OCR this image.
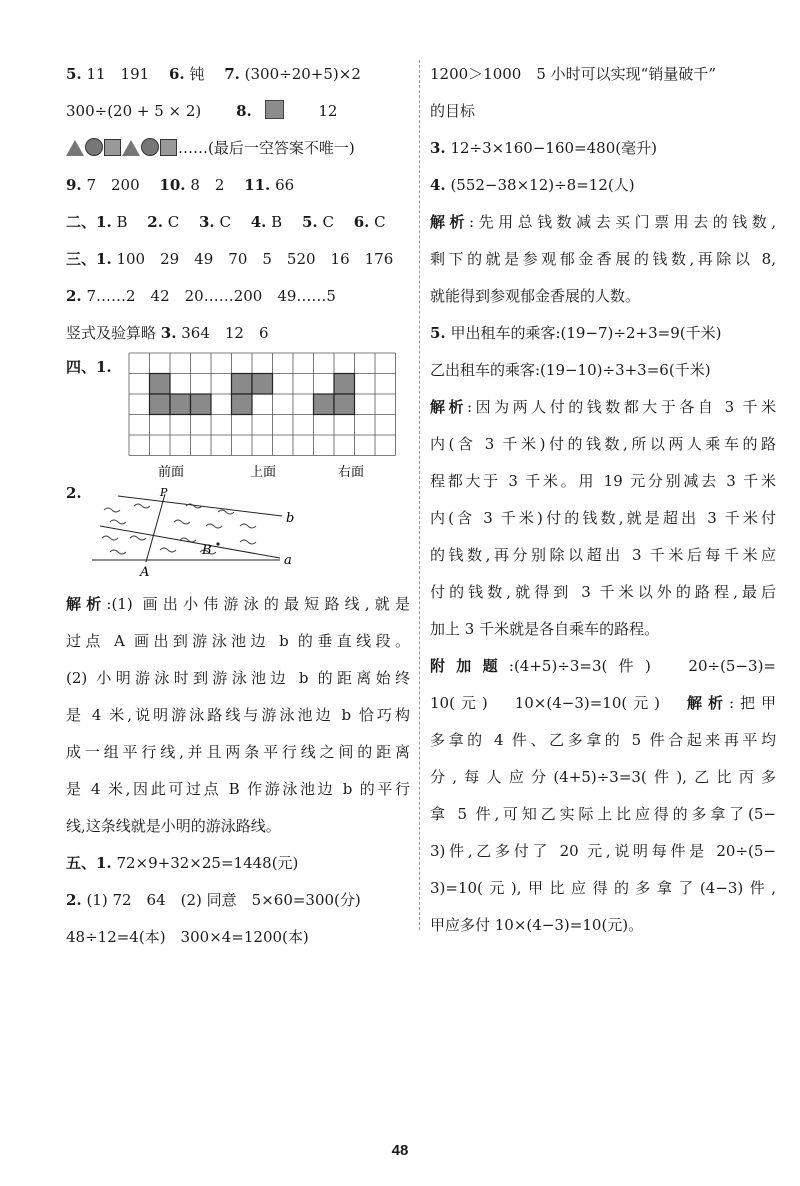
5. 11　191　 6. 钝　 7. (300÷20+5)×2
300÷(20 + 5 × 2)　　 8. 　　	12
……(最后一空答案不唯一)
9. 7　200　 10. 8　2　 11. 66
二、1. B　 2. C　 3. C　 4. B　 5. C　 6. C
三、1. 100　29　49　70　5　520　16　176
2. 7……2　42　20……200　49……5
竖式及验算略 3. 364　12　6
四、1.
前面	上面	右面
2.	P
B
A
b
a
解析:(1) 画出小伟游泳的最短路线,就是
过点 A 画出到游泳池边 b 的垂直线段。
(2) 小明游泳时到游泳池边 b 的距离始终
是 4 米,说明游泳路线与游泳池边 b 恰巧构
成一组平行线,并且两条平行线之间的距离
是 4 米,因此可过点 B 作游泳池边 b 的平行
线,这条线就是小明的游泳路线。
五、1. 72×9+32×25=1448(元)
2. (1) 72　64　(2) 同意　5×60=300(分)
48÷12=4(本)　300×4=1200(本)
1200＞1000　5 小时可以实现“销量破千”
的目标
3. 12÷3×160−160=480(毫升)
4. (552−38×12)÷8=12(人)
解析:先用总钱数减去买门票用去的钱数,
剩下的就是参观郁金香展的钱数,再除以 8,
就能得到参观郁金香展的人数。
5. 甲出租车的乘客:(19−7)÷2+3=9(千米)
乙出租车的乘客:(19−10)÷3+3=6(千米)
解析:因为两人付的钱数都大于各自 3 千米
内(含 3 千米)付的钱数,所以两人乘车的路
程都大于 3 千米。用 19 元分别减去 3 千米
内(含 3 千米)付的钱数,就是超出 3 千米付
的钱数,再分别除以超出 3 千米后每千米应
付的钱数,就得到 3 千米以外的路程,最后
加上 3 千米就是各自乘车的路程。
附加题:(4+5)÷3=3(件)　20÷(5−3)=
10(元)　10×(4−3)=10(元)　 解析:把甲
多拿的 4 件、乙多拿的 5 件合起来再平均
分,每人应分(4+5)÷3=3(件),乙比丙多
拿 5 件,可知乙实际上比应得的多拿了(5−
3)件,乙多付了 20 元,说明每件是 20÷(5−
3)=10(元),甲比应得的多拿了(4−3)件,
甲应多付 10×(4−3)=10(元)。
48
